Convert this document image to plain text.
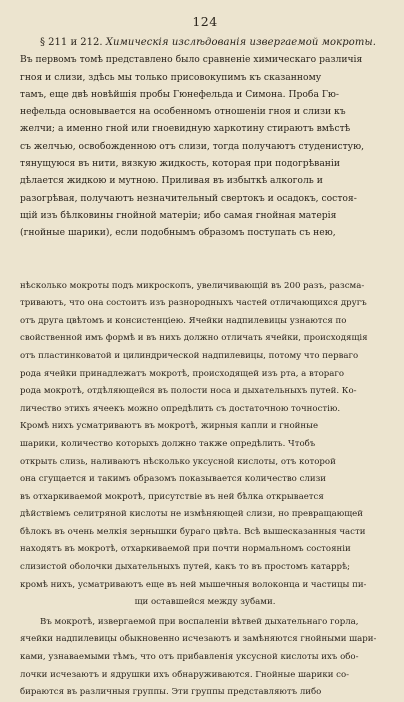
124
§ 211 и 212. Химическія изслѣдованія извергаемой мокроты.
Въ первомъ томѣ представлено было сравненіе химическаго различія
гноя и слизи, здѣсь мы только присовокупимъ къ сказанному
тамъ, еще двѣ новѣйшія пробы Гюнефельда и Симона. Проба Гю-
нефельда основывается на особенномъ отношеніи гноя и слизи къ
желчи; а именно гной или гноевидную харкотину стираютъ вмѣстѣ
съ желчью, освобожденною отъ слизи, тогда получаютъ студенистую,
тянущуюся въ нити, вязкую жидкость, которая при подогрѣваніи
дѣлается жидкою и мутною. Приливая въ избыткѣ алкоголь и
разогрѣвая, получаютъ незначительный свертокъ и осадокъ, состоя-
щій изъ бѣлковины гнойной матеріи; ибо самая гнойная матерія
(гнойные шарики), если подобнымъ образомъ поступать съ нею,
нѣсколько мокроты подъ микроскопъ, увеличивающій въ 200 разъ, разсма-
триваютъ, что она состоитъ изъ разнородныхъ частей отличающихся другъ
отъ друга цвѣтомъ и консистенціею. Ячейки надпилевицы узнаются по
свойственной имъ формѣ и въ нихъ должно отличать ячейки, происходящія
отъ пластинковатой и цилиндрической надпилевицы, потому что перваго
рода ячейки принадлежатъ мокротѣ, происходящей изъ рта, а втораго
рода мокротѣ, отдѣляющейся въ полости носа и дыхательныхъ путей. Ко-
личество этихъ ячеекъ можно опредѣлить съ достаточною точностію.
Кромѣ нихъ усматриваютъ въ мокротѣ, жирныя капли и гнойные
шарики, количество которыхъ должно также опредѣлить. Чтобъ
открыть слизь, наливаютъ нѣсколько уксусной кислоты, отъ которой
она сгущается и такимъ образомъ показывается количество слизи
въ отхаркиваемой мокротѣ, присутствіе въ ней бѣлка открывается
дѣйствіемъ селитряной кислоты не измѣняющей слизи, но превращающей
бѣлокъ въ очень мелкія зернышки бураго цвѣта. Всѣ вышесказанныя части
находятъ въ мокротѣ, отхаркиваемой при почти нормальномъ состояніи
слизистой оболочки дыхательныхъ путей, какъ то въ простомъ катаррѣ;
кромѣ нихъ, усматриваютъ еще въ ней мышечныя волоконца и частицы пи-
щи оставшейся между зубами.
Въ мокротѣ, извергаемой при воспаленіи вѣтвей дыхательнаго горла,
ячейки надпилевицы обыкновенно исчезаютъ и замѣняются гнойными шари-
ками, узнаваемыми тѣмъ, что отъ прибавленія уксусной кислоты ихъ обо-
лочки исчезаютъ и ядрушки ихъ обнаруживаются. Гнойные шарики со-
бираются въ различныя группы. Эти группы представляютъ либо
